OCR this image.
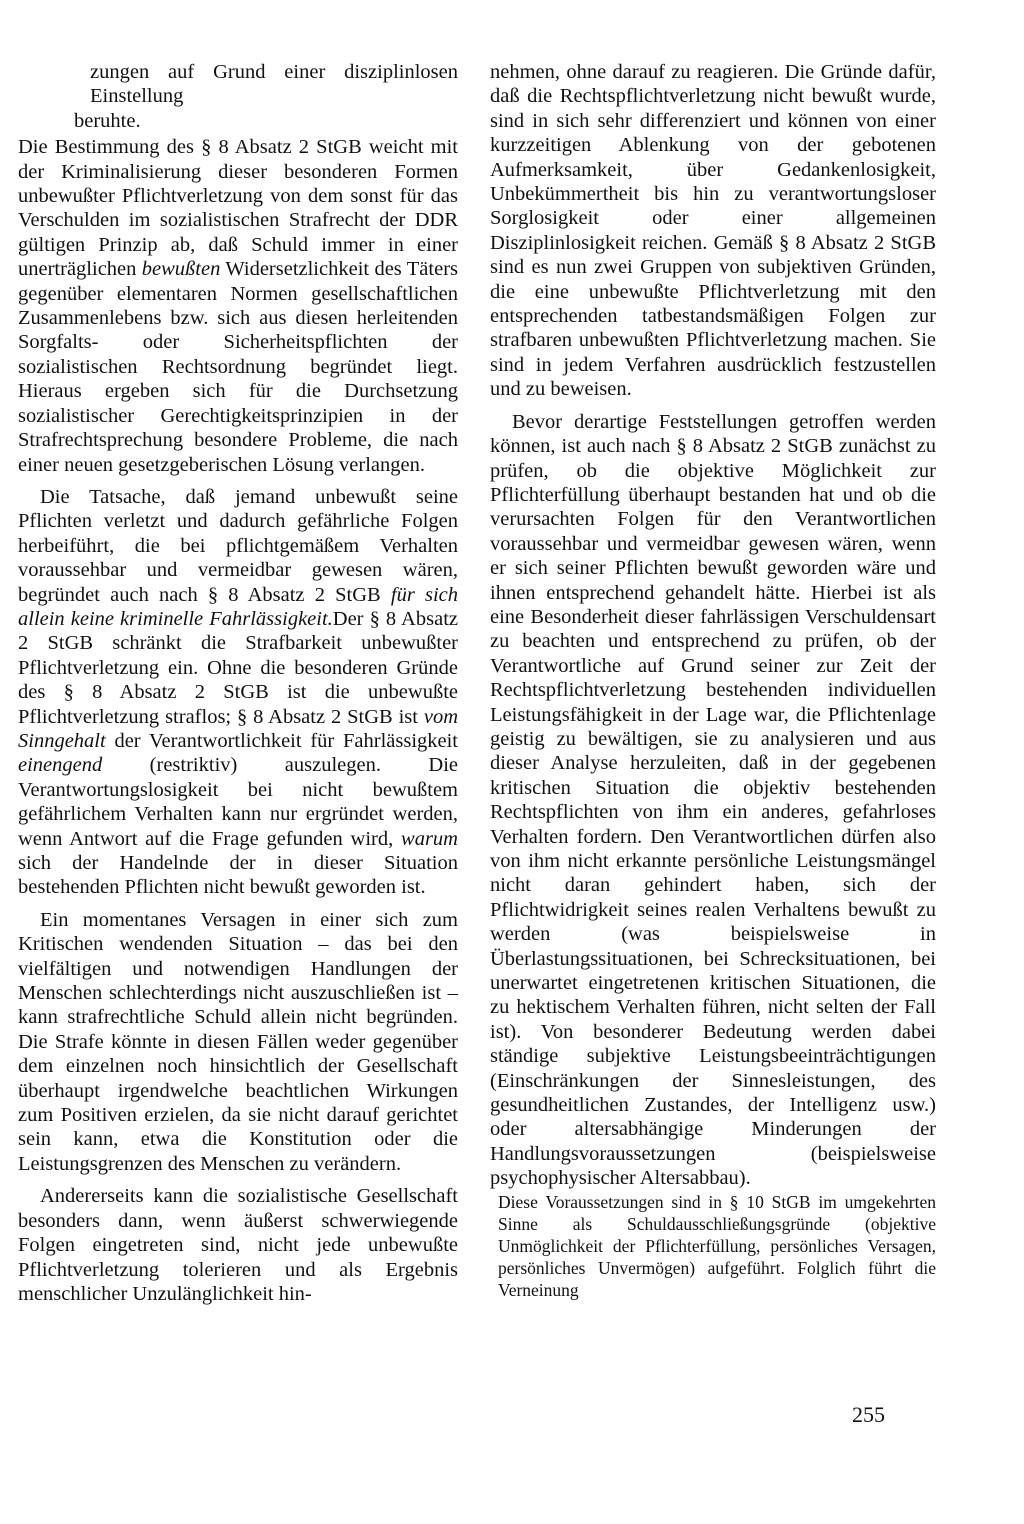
zungen auf Grund einer disziplinlosen Einstellung

beruhte.

Die Bestimmung des § 8 Absatz 2 StGB weicht mit der Kriminalisierung dieser besonderen Formen unbewußter Pflichtverletzung von dem sonst für das Verschulden im sozialistischen Strafrecht der DDR gültigen Prinzip ab, daß Schuld immer in einer unerträglichen bewußten Widersetzlichkeit des Täters gegenüber elementaren Normen gesellschaftlichen Zusammenlebens bzw. sich aus diesen herleitenden Sorgfalts- oder Sicherheitspflichten der sozialistischen Rechtsordnung begründet liegt. Hieraus ergeben sich für die Durchsetzung sozialistischer Gerechtigkeitsprinzipien in der Strafrechtsprechung besondere Probleme, die nach einer neuen gesetzgeberischen Lösung verlangen.

Die Tatsache, daß jemand unbewußt seine Pflichten verletzt und dadurch gefährliche Folgen herbeiführt, die bei pflichtgemäßem Verhalten voraussehbar und vermeidbar gewesen wären, begründet auch nach § 8 Absatz 2 StGB für sich allein keine kriminelle Fahrlässigkeit.Der § 8 Absatz 2 StGB schränkt die Strafbarkeit unbewußter Pflichtverletzung ein. Ohne die besonderen Gründe des § 8 Absatz 2 StGB ist die unbewußte Pflichtverletzung straflos; § 8 Absatz 2 StGB ist vom Sinngehalt der Verantwortlichkeit für Fahrlässigkeit einengend (restriktiv) auszulegen. Die Verantwortungslosigkeit bei nicht bewußtem gefährlichem Verhalten kann nur ergründet werden, wenn Antwort auf die Frage gefunden wird, warum sich der Handelnde der in dieser Situation bestehenden Pflichten nicht bewußt geworden ist.

Ein momentanes Versagen in einer sich zum Kritischen wendenden Situation – das bei den vielfältigen und notwendigen Handlungen der Menschen schlechterdings nicht auszuschließen ist – kann strafrechtliche Schuld allein nicht begründen. Die Strafe könnte in diesen Fällen weder gegenüber dem einzelnen noch hinsichtlich der Gesellschaft überhaupt irgendwelche beachtlichen Wirkungen zum Positiven erzielen, da sie nicht darauf gerichtet sein kann, etwa die Konstitution oder die Leistungsgrenzen des Menschen zu verändern.

Andererseits kann die sozialistische Gesellschaft besonders dann, wenn äußerst schwerwiegende Folgen eingetreten sind, nicht jede unbewußte Pflichtverletzung tolerieren und als Ergebnis menschlicher Unzulänglichkeit hin-

nehmen, ohne darauf zu reagieren. Die Gründe dafür, daß die Rechtspflichtverletzung nicht bewußt wurde, sind in sich sehr differenziert und können von einer kurzzeitigen Ablenkung von der gebotenen Aufmerksamkeit, über Gedankenlosigkeit, Unbekümmertheit bis hin zu verantwortungsloser Sorglosigkeit oder einer allgemeinen Disziplinlosigkeit reichen. Gemäß § 8 Absatz 2 StGB sind es nun zwei Gruppen von subjektiven Gründen, die eine unbewußte Pflichtverletzung mit den entsprechenden tatbestandsmäßigen Folgen zur strafbaren unbewußten Pflichtverletzung machen. Sie sind in jedem Verfahren ausdrücklich festzustellen und zu beweisen.

Bevor derartige Feststellungen getroffen werden können, ist auch nach § 8 Absatz 2 StGB zunächst zu prüfen, ob die objektive Möglichkeit zur Pflichterfüllung überhaupt bestanden hat und ob die verursachten Folgen für den Verantwortlichen voraussehbar und vermeidbar gewesen wären, wenn er sich seiner Pflichten bewußt geworden wäre und ihnen entsprechend gehandelt hätte. Hierbei ist als eine Besonderheit dieser fahrlässigen Verschuldensart zu beachten und entsprechend zu prüfen, ob der Verantwortliche auf Grund seiner zur Zeit der Rechtspflichtverletzung bestehenden individuellen Leistungsfähigkeit in der Lage war, die Pflichtenlage geistig zu bewältigen, sie zu analysieren und aus dieser Analyse herzuleiten, daß in der gegebenen kritischen Situation die objektiv bestehenden Rechtspflichten von ihm ein anderes, gefahrloses Verhalten fordern. Den Verantwortlichen dürfen also von ihm nicht erkannte persönliche Leistungsmängel nicht daran gehindert haben, sich der Pflichtwidrigkeit seines realen Verhaltens bewußt zu werden (was beispielsweise in Überlastungssituationen, bei Schrecksituationen, bei unerwartet eingetretenen kritischen Situationen, die zu hektischem Verhalten führen, nicht selten der Fall ist). Von besonderer Bedeutung werden dabei ständige subjektive Leistungsbeeinträchtigungen (Einschränkungen der Sinnesleistungen, des gesundheitlichen Zustandes, der Intelligenz usw.) oder altersabhängige Minderungen der Handlungsvoraussetzungen (beispielsweise psychophysischer Altersabbau).

Diese Voraussetzungen sind in § 10 StGB im umgekehrten Sinne als Schuldausschließungsgründe (objektive Unmöglichkeit der Pflichterfüllung, persönliches Versagen, persönliches Unvermögen) aufgeführt. Folglich führt die Verneinung

255
